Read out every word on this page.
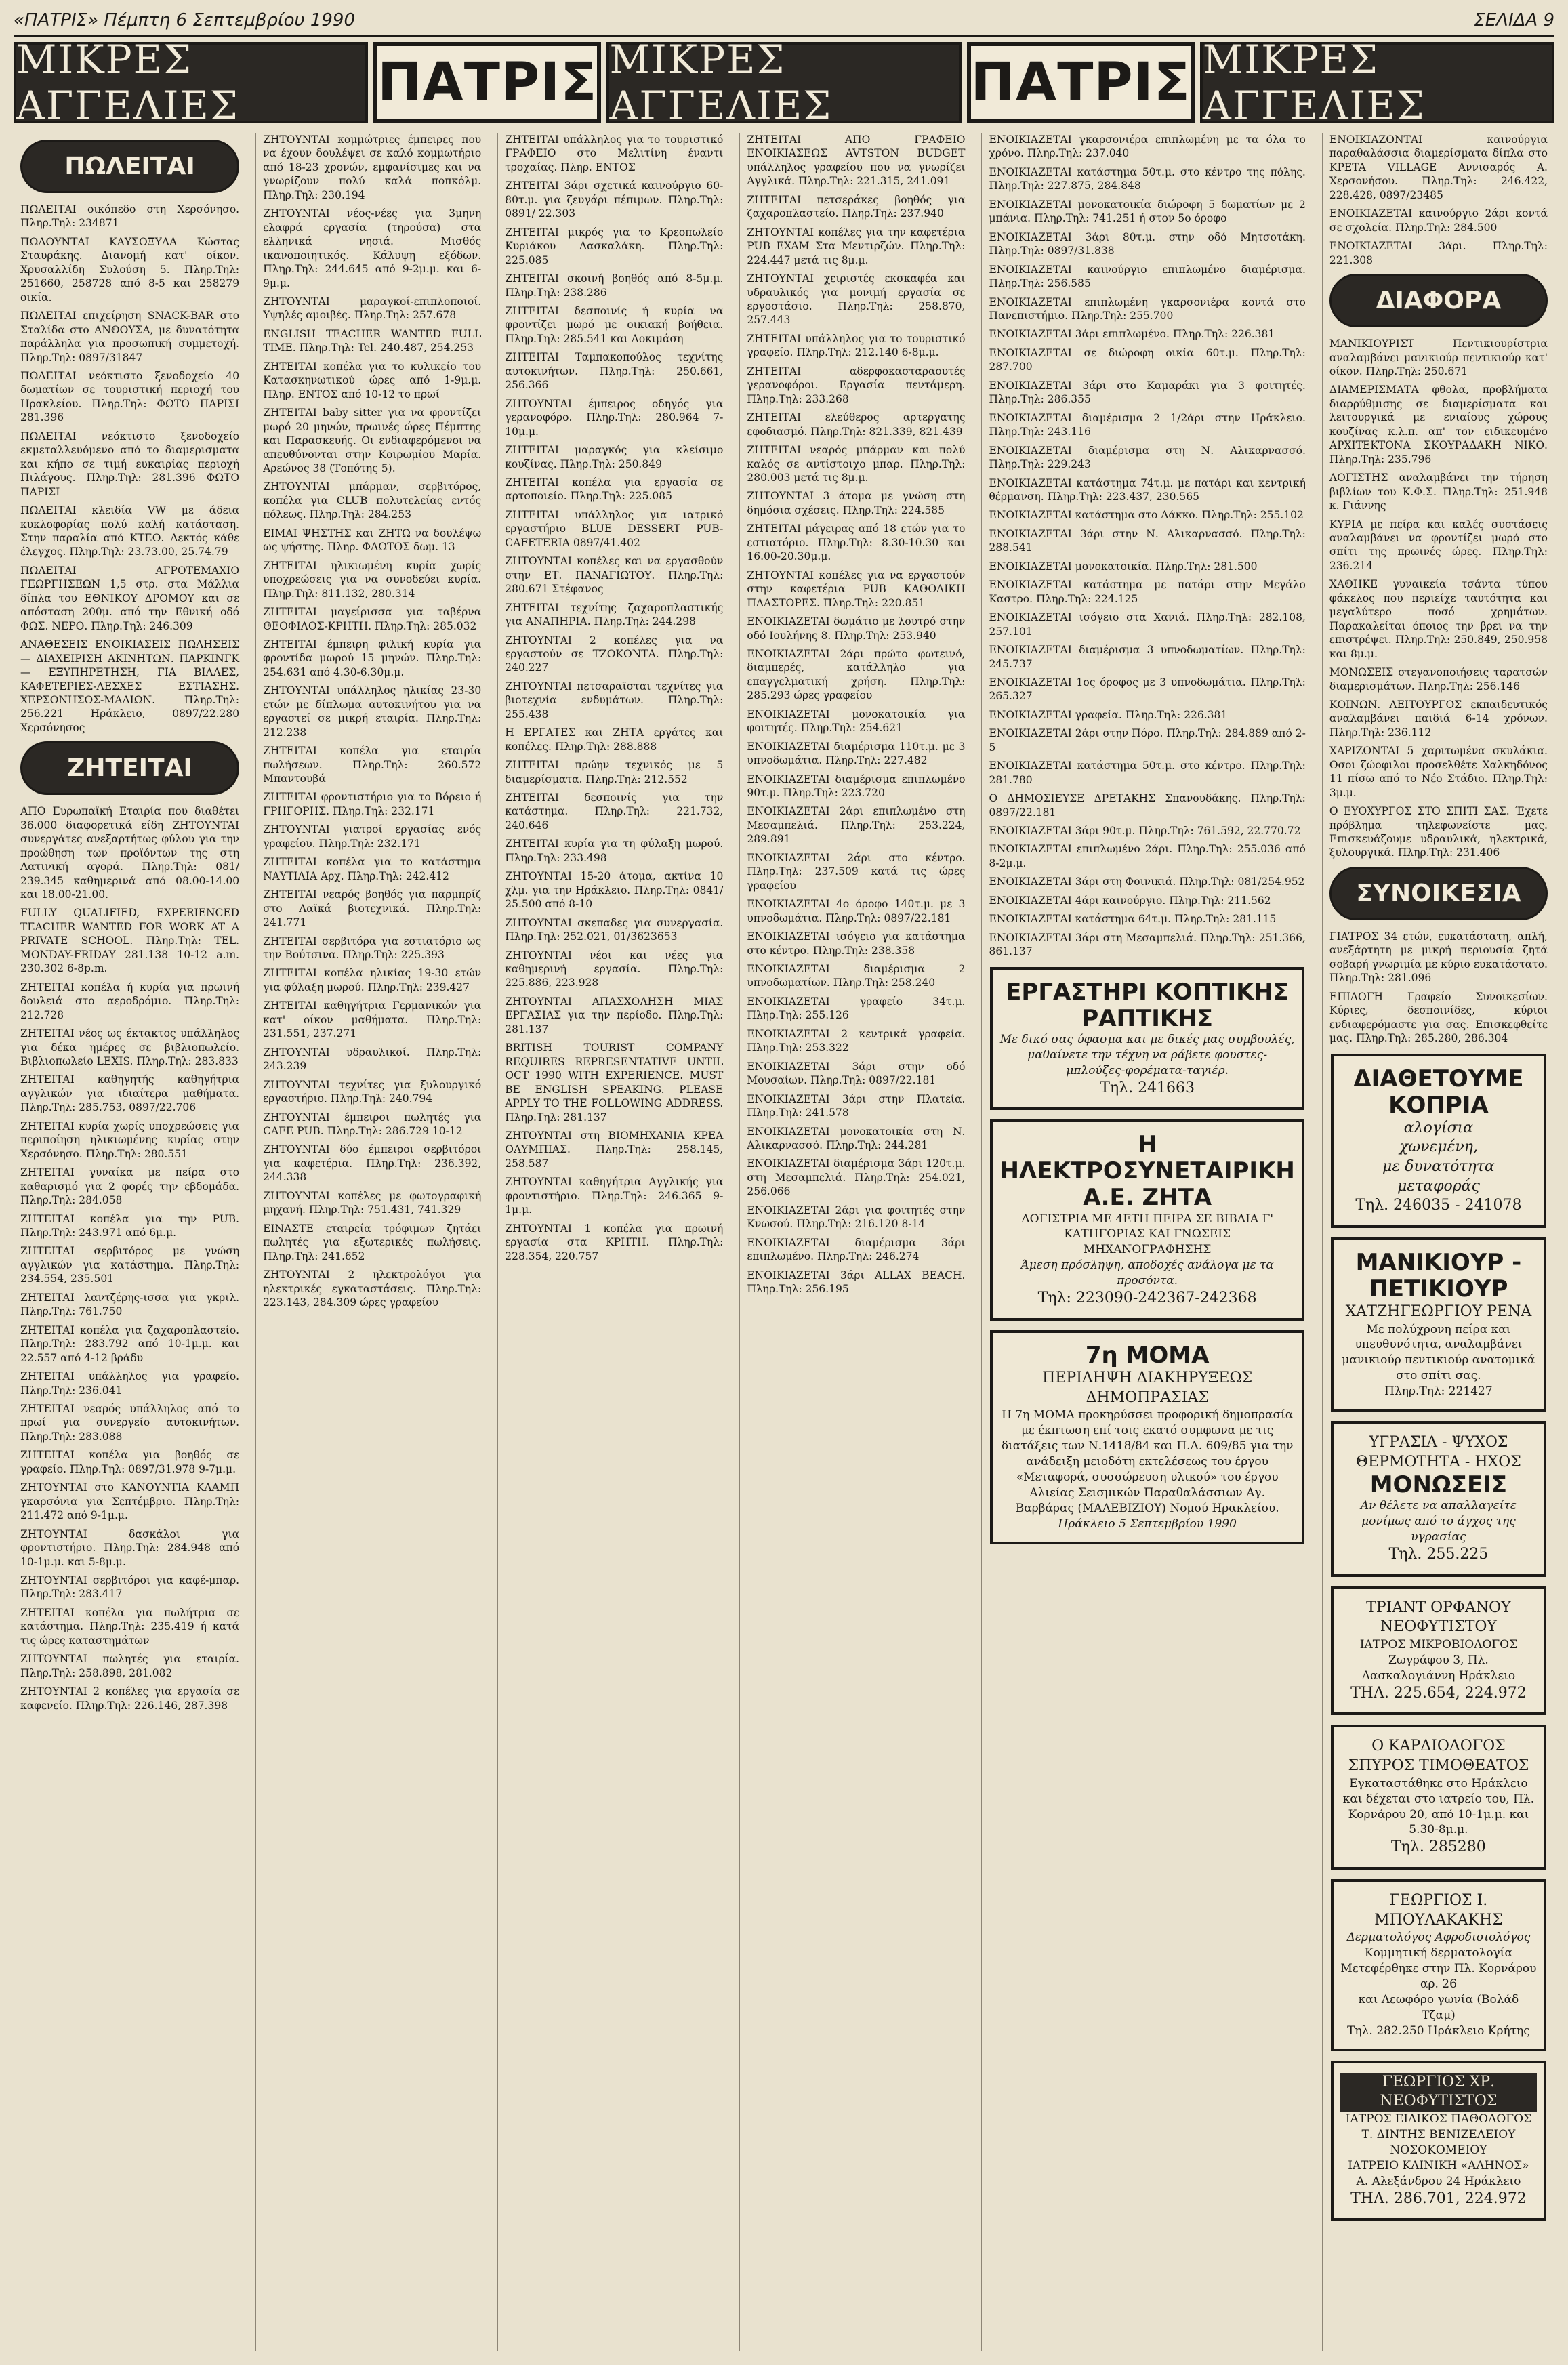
«ΠΑΤΡΙΣ» Πέμπτη 6 Σεπτεμβρίου 1990	ΣΕΛΙΔΑ 9
ΜΙΚΡΕΣ ΑΓΓΕΛΙΕΣ	ΠΑΤΡΙΣ ΜΙΚΡΕΣ ΑΓΓΕΛΙΕΣ	ΠΑΤΡΙΣ ΜΙΚΡΕΣ ΑΓΓΕΛΙΕΣ
ΠΩΛΕΙΤΑΙ

ΠΩΛΕΙΤΑΙ οικόπεδο στη Χερσόνησο. Πληρ.Τηλ: 234871

ΠΩΛΟΥΝΤΑΙ ΚΑΥΣΟΞΥΛΑ Κώστας Σταυράκης. Διανομή κατ' οίκον. Χρυσαλλίδη Συλούση 5. Πληρ.Τηλ: 251660, 258728 από 8-5 και 258279 οικία.

ΠΩΛΕΙΤΑΙ επιχείρηση SNACK-BAR στο Σταλίδα στο ΑΝΘΟΥΣΑ, με δυνατότητα παράλληλα για προσωπική συμμετοχή. Πληρ.Τηλ: 0897/31847

ΠΩΛΕΙΤΑΙ νεόκτιστο ξενοδοχείο 40 δωματίων σε τουριστική περιοχή του Ηρακλείου. Πληρ.Τηλ: ΦΩΤΟ ΠΑΡΙΣΙ 281.396

ΠΩΛΕΙΤΑΙ νεόκτιστο ξενοδοχείο εκμεταλλευόμενο από το διαμερισματα και κήπο σε τιμή ευκαιρίας περιοχή Πιλάγους. Πληρ.Τηλ: 281.396 ΦΩΤΟ ΠΑΡΙΣΙ

ΠΩΛΕΙΤΑΙ κλειδία VW με άδεια κυκλοφορίας πολύ καλή κατάσταση. Στην παραλία από ΚΤΕΟ. Δεκτός κάθε έλεγχος. Πληρ.Τηλ: 23.73.00, 25.74.79

ΠΩΛΕΙΤΑΙ ΑΓΡΟΤΕΜΑΧΙΟ ΓΕΩΡΓΗΣΕΩΝ 1,5 στρ. στα Μάλλια δίπλα του ΕΘΝΙΚΟΥ ΔΡΟΜΟΥ και σε απόσταση 200μ. από την Εθνική οδό ΦΩΣ. ΝΕΡΟ. Πληρ.Τηλ: 246.309

ΑΝΑΘΕΣΕΙΣ ΕΝΟΙΚΙΑΣΕΙΣ ΠΩΛΗΣΕΙΣ — ΔΙΑΧΕΙΡΙΣΗ ΑΚΙΝΗΤΩΝ. ΠΑΡΚΙΝΓΚ — ΕΞΥΠΗΡΕΤΗΣΗ, ΓΙΑ ΒΙΛΛΕΣ, ΚΑΦΕΤΕΡΙΕΣ-ΛΕΣΧΕΣ ΕΣΤΙΑΣΗΣ. ΧΕΡΣΟΝΗΣΟΣ-ΜΑΛΙΩΝ. Πληρ.Τηλ: 256.221 Ηράκλειο, 0897/22.280 Χερσόνησος

ΖΗΤΕΙΤΑΙ

ΑΠΟ Ευρωπαϊκή Εταιρία που διαθέτει 36.000 διαφορετικά είδη ΖΗΤΟΥΝΤΑΙ συνεργάτες ανεξαρτήτως φύλου για την προώθηση των προϊόντων της στη Λατινική αγορά. Πληρ.Τηλ: 081/ 239.345 καθημερινά από 08.00-14.00 και 18.00-21.00.

FULLY QUALIFIED, EXPERIENCED TEACHER WANTED FOR WORK AT A PRIVATE SCHOOL. Πληρ.Τηλ: TEL. MONDAY-FRIDAY 281.138 10-12 a.m. 230.302 6-8p.m.

ΖΗΤΕΙΤΑΙ κοπέλα ή κυρία για πρωινή δουλειά στο αεροδρόμιο. Πληρ.Τηλ: 212.728

ΖΗΤΕΙΤΑΙ νέος ως έκτακτος υπάλληλος για δέκα ημέρες σε βιβλιοπωλείο. Βιβλιοπωλείο LEXIS. Πληρ.Τηλ: 283.833

ΖΗΤΕΙΤΑΙ καθηγητής καθηγήτρια αγγλικών για ιδιαίτερα μαθήματα. Πληρ.Τηλ: 285.753, 0897/22.706

ΖΗΤΕΙΤΑΙ κυρία χωρίς υποχρεώσεις για περιποίηση ηλικιωμένης κυρίας στην Χερσόνησο. Πληρ.Τηλ: 280.551

ΖΗΤΕΙΤΑΙ γυναίκα με πείρα στο καθαρισμό για 2 φορές την εβδομάδα. Πληρ.Τηλ: 284.058

ΖΗΤΕΙΤΑΙ κοπέλα για την PUB. Πληρ.Τηλ: 243.971 από 6μ.μ.

ΖΗΤΕΙΤΑΙ σερβιτόρος με γνώση αγγλικών για κατάστημα. Πληρ.Τηλ: 234.554, 235.501

ΖΗΤΕΙΤΑΙ λαντζέρης-ισσα για γκριλ. Πληρ.Τηλ: 761.750

ΖΗΤΕΙΤΑΙ κοπέλα για ζαχαροπλαστείο. Πληρ.Τηλ: 283.792 από 10-1μ.μ. και 22.557 από 4-12 βράδυ

ΖΗΤΕΙΤΑΙ υπάλληλος για γραφείο. Πληρ.Τηλ: 236.041

ΖΗΤΕΙΤΑΙ νεαρός υπάλληλος από το πρωί για συνεργείο αυτοκινήτων. Πληρ.Τηλ: 283.088

ΖΗΤΕΙΤΑΙ κοπέλα για βοηθός σε γραφείο. Πληρ.Τηλ: 0897/31.978 9-7μ.μ.

ΖΗΤΟΥΝΤΑΙ στο ΚΑΝΟΥΝΤΙΑ ΚΛΑΜΠ γκαρσόνια για Σεπτέμβριο. Πληρ.Τηλ: 211.472 από 9-1μ.μ.

ΖΗΤΟΥΝΤΑΙ δασκάλοι για φροντιστήριο. Πληρ.Τηλ: 284.948 από 10-1μ.μ. και 5-8μ.μ.

ΖΗΤΟΥΝΤΑΙ σερβιτόροι για καφέ-μπαρ. Πληρ.Τηλ: 283.417

ΖΗΤΕΙΤΑΙ κοπέλα για πωλήτρια σε κατάστημα. Πληρ.Τηλ: 235.419 ή κατά τις ώρες καταστημάτων

ΖΗΤΟΥΝΤΑΙ πωλητές για εταιρία. Πληρ.Τηλ: 258.898, 281.082

ΖΗΤΟΥΝΤΑΙ 2 κοπέλες για εργασία σε καφενείο. Πληρ.Τηλ: 226.146, 287.398

ΖΗΤΟΥΝΤΑΙ κομμώτριες έμπειρες που να έχουν δουλέψει σε καλό κομμωτήριο από 18-23 χρονών, εμφανίσιμες και να γνωρίζουν πολύ καλά ποπκόλμ. Πληρ.Τηλ: 230.194

ΖΗΤΟΥΝΤΑΙ νέος-νέες για 3μηνη ελαφρά εργασία (τηρούσα) στα ελληνικά νησιά. Μισθός ικανοποιητικός. Κάλυψη εξόδων. Πληρ.Τηλ: 244.645 από 9-2μ.μ. και 6-9μ.μ.

ΖΗΤΟΥΝΤΑΙ μαραγκοί-επιπλοποιοί. Υψηλές αμοιβές. Πληρ.Τηλ: 257.678

ENGLISH TEACHER WANTED FULL TIME. Πληρ.Τηλ: Tel. 240.487, 254.253

ΖΗΤΕΙΤΑΙ κοπέλα για το κυλικείο του Κατασκηνωτικού ώρες από 1-9μ.μ. Πληρ. ΕΝΤΟΣ από 10-12 το πρωί

ΖΗΤΕΙΤΑΙ baby sitter για να φροντίζει μωρό 20 μηνών, πρωινές ώρες Πέμπτης και Παρασκευής. Οι ενδιαφερόμενοι να απευθύνονται στην Κοιρωμίου Μαρία. Αρεώνος 38 (Τοπότης 5).

ΖΗΤΟΥΝΤΑΙ μπάρμαν, σερβιτόρος, κοπέλα για CLUB πολυτελείας εντός πόλεως. Πληρ.Τηλ: 284.253

ΕΙΜΑΙ ΨΗΣΤΗΣ και ΖΗΤΩ να δουλέψω ως ψήστης. Πληρ. ΦΛΩΤΟΣ δωμ. 13

ΖΗΤΕΙΤΑΙ ηλικιωμένη κυρία χωρίς υποχρεώσεις για να συνοδεύει κυρία. Πληρ.Τηλ: 811.132, 280.314

ΖΗΤΕΙΤΑΙ μαγείρισσα για ταβέρνα ΘΕΟΦΙΛΟΣ-ΚΡΗΤΗ. Πληρ.Τηλ: 285.032

ΖΗΤΕΙΤΑΙ έμπειρη φιλική κυρία για φροντίδα μωρού 15 μηνών. Πληρ.Τηλ: 254.631 από 4.30-6.30μ.μ.

ΖΗΤΟΥΝΤΑΙ υπάλληλος ηλικίας 23-30 ετών με δίπλωμα αυτοκινήτου για να εργαστεί σε μικρή εταιρία. Πληρ.Τηλ: 212.238

ΖΗΤΕΙΤΑΙ κοπέλα για εταιρία πωλήσεων. Πληρ.Τηλ: 260.572 Μπαντουβά

ΖΗΤΕΙΤΑΙ φροντιστήριο για το Βόρειο ή ΓΡΗΓΟΡΗΣ. Πληρ.Τηλ: 232.171

ΖΗΤΟΥΝΤΑΙ γιατροί εργασίας ενός γραφείου. Πληρ.Τηλ: 232.171

ΖΗΤΕΙΤΑΙ κοπέλα για το κατάστημα ΝΑΥΤΙΛΙΑ Αρχ. Πληρ.Τηλ: 242.412

ΖΗΤΕΙΤΑΙ νεαρός βοηθός για παρμπρίζ στο Λαϊκά βιοτεχνικά. Πληρ.Τηλ: 241.771

ΖΗΤΕΙΤΑΙ σερβιτόρα για εστιατόριο ως την Βούτσινα. Πληρ.Τηλ: 225.393

ΖΗΤΕΙΤΑΙ κοπέλα ηλικίας 19-30 ετών για φύλαξη μωρού. Πληρ.Τηλ: 239.427

ΖΗΤΕΙΤΑΙ καθηγήτρια Γερμανικών για κατ' οίκον μαθήματα. Πληρ.Τηλ: 231.551, 237.271

ΖΗΤΟΥΝΤΑΙ υδραυλικοί. Πληρ.Τηλ: 243.239

ΖΗΤΟΥΝΤΑΙ τεχνίτες για ξυλουργικό εργαστήριο. Πληρ.Τηλ: 240.794

ΖΗΤΟΥΝΤΑΙ έμπειροι πωλητές για CAFE PUB. Πληρ.Τηλ: 286.729 10-12

ΖΗΤΟΥΝΤΑΙ δύο έμπειροι σερβιτόροι για καφετέρια. Πληρ.Τηλ: 236.392, 244.338

ΖΗΤΟΥΝΤΑΙ κοπέλες με φωτογραφική μηχανή. Πληρ.Τηλ: 751.431, 741.329

ΕΙΝΑΣΤΕ εταιρεία τρόφιμων ζητάει πωλητές για εξωτερικές πωλήσεις. Πληρ.Τηλ: 241.652

ΖΗΤΟΥΝΤΑΙ 2 ηλεκτρολόγοι για ηλεκτρικές εγκαταστάσεις. Πληρ.Τηλ: 223.143, 284.309 ώρες γραφείου

ΖΗΤΕΙΤΑΙ υπάλληλος για το τουριστικό ΓΡΑΦΕΙΟ στο Μελιτίνη έναντι τροχαίας. Πληρ. ΕΝΤΟΣ

ΖΗΤΕΙΤΑΙ 3άρι σχετικά καινούργιο 60-80τ.μ. για ζευγάρι πέπιμων. Πληρ.Τηλ: 0891/ 22.303

ΖΗΤΕΙΤΑΙ μικρός για το Κρεοπωλείο Κυριάκου Δασκαλάκη. Πληρ.Τηλ: 225.085

ΖΗΤΕΙΤΑΙ σκοινή βοηθός από 8-5μ.μ. Πληρ.Τηλ: 238.286

ΖΗΤΕΙΤΑΙ δεσποινίς ή κυρία να φροντίζει μωρό με οικιακή βοήθεια. Πληρ.Τηλ: 285.541 και Δοκιμάση

ΖΗΤΕΙΤΑΙ Ταμπακοπούλος τεχνίτης αυτοκινήτων. Πληρ.Τηλ: 250.661, 256.366

ΖΗΤΟΥΝΤΑΙ έμπειρος οδηγός για γερανοφόρο. Πληρ.Τηλ: 280.964 7-10μ.μ.

ΖΗΤΕΙΤΑΙ μαραγκός για κλείσιμο κουζίνας. Πληρ.Τηλ: 250.849

ΖΗΤΕΙΤΑΙ κοπέλα για εργασία σε αρτοποιείο. Πληρ.Τηλ: 225.085

ΖΗΤΕΙΤΑΙ υπάλληλος για ιατρικό εργαστήριο BLUE DESSERT PUB-CAFETERIA 0897/41.402

ΖΗΤΟΥΝΤΑΙ κοπέλες και να εργασθούν στην ΕΤ. ΠΑΝΑΓΙΩΤΟΥ. Πληρ.Τηλ: 280.671 Στέφανος

ΖΗΤΕΙΤΑΙ τεχνίτης ζαχαροπλαστικής για ΑΝΑΠΗΡΙΑ. Πληρ.Τηλ: 244.298

ΖΗΤΟΥΝΤΑΙ 2 κοπέλες για να εργαστούν σε ΤΖΟΚΟΝΤΑ. Πληρ.Τηλ: 240.227

ΖΗΤΟΥΝΤΑΙ πετσαραϊσται τεχνίτες για βιοτεχνία ενδυμάτων. Πληρ.Τηλ: 255.438

Η ΕΡΓΑΤΕΣ και ΖΗΤΑ εργάτες και κοπέλες. Πληρ.Τηλ: 288.888

ΖΗΤΕΙΤΑΙ πρώην τεχνικός με 5 διαμερίσματα. Πληρ.Τηλ: 212.552

ΖΗΤΕΙΤΑΙ δεσποινίς για την κατάστημα. Πληρ.Τηλ: 221.732, 240.646

ΖΗΤΕΙΤΑΙ κυρία για τη φύλαξη μωρού. Πληρ.Τηλ: 233.498

ΖΗΤΟΥΝΤΑΙ 15-20 άτομα, ακτίνα 10 χλμ. για την Ηράκλειο. Πληρ.Τηλ: 0841/ 25.500 από 8-10

ΖΗΤΟΥΝΤΑΙ σκεπαδες για συνεργασία. Πληρ.Τηλ: 252.021, 01/3623653

ΖΗΤΟΥΝΤΑΙ νέοι και νέες για καθημερινή εργασία. Πληρ.Τηλ: 225.886, 223.928

ΖΗΤΟΥΝΤΑΙ ΑΠΑΣΧΟΛΗΣΗ ΜΙΑΣ ΕΡΓΑΣΙΑΣ για την περίοδο. Πληρ.Τηλ: 281.137

BRITISH TOURIST COMPANY REQUIRES REPRESENTATIVE UNTIL OCT 1990 WITH EXPERIENCE. MUST BE ENGLISH SPEAKING. PLEASE APPLY TO THE FOLLOWING ADDRESS. Πληρ.Τηλ: 281.137

ΖΗΤΟΥΝΤΑΙ στη ΒΙΟΜΗΧΑΝΙΑ ΚΡΕΑ ΟΛΥΜΠΙΑΣ. Πληρ.Τηλ: 258.145, 258.587

ΖΗΤΟΥΝΤΑΙ καθηγήτρια Αγγλικής για φροντιστήριο. Πληρ.Τηλ: 246.365 9-1μ.μ.

ΖΗΤΟΥΝΤΑΙ 1 κοπέλα για πρωινή εργασία στα ΚΡΗΤΗ. Πληρ.Τηλ: 228.354, 220.757

ΖΗΤΕΙΤΑΙ ΑΠΟ ΓΡΑΦΕΙΟ ΕΝΟΙΚΙΑΣΕΩΣ AVTSTON BUDGET υπάλληλος γραφείου που να γνωρίζει Αγγλικά. Πληρ.Τηλ: 221.315, 241.091

ΖΗΤΕΙΤΑΙ πετσεράκες βοηθός για ζαχαροπλαστείο. Πληρ.Τηλ: 237.940

ΖΗΤΟΥΝΤΑΙ κοπέλες για την καφετέρια PUB EXAM Στα Μεντιρζών. Πληρ.Τηλ: 224.447 μετά τις 8μ.μ.

ΖΗΤΟΥΝΤΑΙ χειριστές εκσκαφέα και υδραυλικός για μονιμή εργασία σε εργοστάσιο. Πληρ.Τηλ: 258.870, 257.443

ΖΗΤΕΙΤΑΙ υπάλληλος για το τουριστικό γραφείο. Πληρ.Τηλ: 212.140 6-8μ.μ.

ΖΗΤΕΙΤΑΙ αδερφοκασταραουτές γερανοφόροι. Εργασία πεντάμερη. Πληρ.Τηλ: 233.268

ΖΗΤΕΙΤΑΙ ελεύθερος αρτεργατης εφοδιασμό. Πληρ.Τηλ: 821.339, 821.439

ΖΗΤΕΙΤΑΙ νεαρός μπάρμαν και πολύ καλός σε αντίστοιχο μπαρ. Πληρ.Τηλ: 280.003 μετά τις 8μ.μ.

ΖΗΤΟΥΝΤΑΙ 3 άτομα με γνώση στη δημόσια σχέσεις. Πληρ.Τηλ: 224.585

ΖΗΤΕΙΤΑΙ μάγειρας από 18 ετών για το εστιατόριο. Πληρ.Τηλ: 8.30-10.30 και 16.00-20.30μ.μ.

ΖΗΤΟΥΝΤΑΙ κοπέλες για να εργαστούν στην καφετέρια PUB ΚΑΘΟΛΙΚΗ ΠΛΑΣΤΟΡΕΣ. Πληρ.Τηλ: 220.851

ΕΝΟΙΚΙΑΖΕΤΑΙ δωμάτιο με λουτρό στην οδό Ιουλήνης 8. Πληρ.Τηλ: 253.940

ΕΝΟΙΚΙΑΖΕΤΑΙ 2άρι πρώτο φωτεινό, διαμπερές, κατάλληλο για επαγγελματική χρήση. Πληρ.Τηλ: 285.293 ώρες γραφείου

ΕΝΟΙΚΙΑΖΕΤΑΙ μονοκατοικία για φοιτητές. Πληρ.Τηλ: 254.621

ΕΝΟΙΚΙΑΖΕΤΑΙ διαμέρισμα 110τ.μ. με 3 υπνοδωμάτια. Πληρ.Τηλ: 227.482

ΕΝΟΙΚΙΑΖΕΤΑΙ διαμέρισμα επιπλωμένο 90τ.μ. Πληρ.Τηλ: 223.720

ΕΝΟΙΚΙΑΖΕΤΑΙ 2άρι επιπλωμένο στη Μεσαμπελιά. Πληρ.Τηλ: 253.224, 289.891

ΕΝΟΙΚΙΑΖΕΤΑΙ 2άρι στο κέντρο. Πληρ.Τηλ: 237.509 κατά τις ώρες γραφείου

ΕΝΟΙΚΙΑΖΕΤΑΙ 4ο όροφο 140τ.μ. με 3 υπνοδωμάτια. Πληρ.Τηλ: 0897/22.181

ΕΝΟΙΚΙΑΖΕΤΑΙ ισόγειο για κατάστημα στο κέντρο. Πληρ.Τηλ: 238.358

ΕΝΟΙΚΙΑΖΕΤΑΙ διαμέρισμα 2 υπνοδωματίων. Πληρ.Τηλ: 258.240

ΕΝΟΙΚΙΑΖΕΤΑΙ γραφείο 34τ.μ. Πληρ.Τηλ: 255.126

ΕΝΟΙΚΙΑΖΕΤΑΙ 2 κεντρικά γραφεία. Πληρ.Τηλ: 253.322

ΕΝΟΙΚΙΑΖΕΤΑΙ 3άρι στην οδό Μουσαίων. Πληρ.Τηλ: 0897/22.181

ΕΝΟΙΚΙΑΖΕΤΑΙ 3άρι στην Πλατεία. Πληρ.Τηλ: 241.578

ΕΝΟΙΚΙΑΖΕΤΑΙ μονοκατοικία στη Ν. Αλικαρνασσό. Πληρ.Τηλ: 244.281

ΕΝΟΙΚΙΑΖΕΤΑΙ διαμέρισμα 3άρι 120τ.μ. στη Μεσαμπελιά. Πληρ.Τηλ: 254.021, 256.066

ΕΝΟΙΚΙΑΖΕΤΑΙ 2άρι για φοιτητές στην Κνωσού. Πληρ.Τηλ: 216.120 8-14

ΕΝΟΙΚΙΑΖΕΤΑΙ διαμέρισμα 3άρι επιπλωμένο. Πληρ.Τηλ: 246.274

ΕΝΟΙΚΙΑΖΕΤΑΙ 3άρι ALLAX BEACH. Πληρ.Τηλ: 256.195

ΕΝΟΙΚΙΑΖΕΤΑΙ γκαρσονιέρα επιπλωμένη με τα όλα το χρόνο. Πληρ.Τηλ: 237.040

ΕΝΟΙΚΙΑΖΕΤΑΙ κατάστημα 50τ.μ. στο κέντρο της πόλης. Πληρ.Τηλ: 227.875, 284.848

ΕΝΟΙΚΙΑΖΕΤΑΙ μονοκατοικία διώροφη 5 δωματίων με 2 μπάνια. Πληρ.Τηλ: 741.251 ή στον 5ο όροφο

ΕΝΟΙΚΙΑΖΕΤΑΙ 3άρι 80τ.μ. στην οδό Μητσοτάκη. Πληρ.Τηλ: 0897/31.838

ΕΝΟΙΚΙΑΖΕΤΑΙ καινούργιο επιπλωμένο διαμέρισμα. Πληρ.Τηλ: 256.585

ΕΝΟΙΚΙΑΖΕΤΑΙ επιπλωμένη γκαρσονιέρα κοντά στο Πανεπιστήμιο. Πληρ.Τηλ: 255.700

ΕΝΟΙΚΙΑΖΕΤΑΙ 3άρι επιπλωμένο. Πληρ.Τηλ: 226.381

ΕΝΟΙΚΙΑΖΕΤΑΙ σε διώροφη οικία 60τ.μ. Πληρ.Τηλ: 287.700

ΕΝΟΙΚΙΑΖΕΤΑΙ 3άρι στο Καμαράκι για 3 φοιτητές. Πληρ.Τηλ: 286.355

ΕΝΟΙΚΙΑΖΕΤΑΙ διαμέρισμα 2 1/2άρι στην Ηράκλειο. Πληρ.Τηλ: 243.116

ΕΝΟΙΚΙΑΖΕΤΑΙ διαμέρισμα στη Ν. Αλικαρνασσό. Πληρ.Τηλ: 229.243

ΕΝΟΙΚΙΑΖΕΤΑΙ κατάστημα 74τ.μ. με πατάρι και κεντρική θέρμανση. Πληρ.Τηλ: 223.437, 230.565

ΕΝΟΙΚΙΑΖΕΤΑΙ κατάστημα στο Λάκκο. Πληρ.Τηλ: 255.102

ΕΝΟΙΚΙΑΖΕΤΑΙ 3άρι στην Ν. Αλικαρνασσό. Πληρ.Τηλ: 288.541

ΕΝΟΙΚΙΑΖΕΤΑΙ μονοκατοικία. Πληρ.Τηλ: 281.500

ΕΝΟΙΚΙΑΖΕΤΑΙ κατάστημα με πατάρι στην Μεγάλο Καστρο. Πληρ.Τηλ: 224.125

ΕΝΟΙΚΙΑΖΕΤΑΙ ισόγειο στα Χανιά. Πληρ.Τηλ: 282.108, 257.101

ΕΝΟΙΚΙΑΖΕΤΑΙ διαμέρισμα 3 υπνοδωματίων. Πληρ.Τηλ: 245.737

ΕΝΟΙΚΙΑΖΕΤΑΙ 1ος όροφος με 3 υπνοδωμάτια. Πληρ.Τηλ: 265.327

ΕΝΟΙΚΙΑΖΕΤΑΙ γραφεία. Πληρ.Τηλ: 226.381

ΕΝΟΙΚΙΑΖΕΤΑΙ 2άρι στην Πόρο. Πληρ.Τηλ: 284.889 από 2-5

ΕΝΟΙΚΙΑΖΕΤΑΙ κατάστημα 50τ.μ. στο κέντρο. Πληρ.Τηλ: 281.780

Ο ΔΗΜΟΣΙΕΥΣΕ ΔΡΕΤΑΚΗΣ Σπανουδάκης. Πληρ.Τηλ: 0897/22.181

ΕΝΟΙΚΙΑΖΕΤΑΙ 3άρι 90τ.μ. Πληρ.Τηλ: 761.592, 22.770.72

ΕΝΟΙΚΙΑΖΕΤΑΙ επιπλωμένο 2άρι. Πληρ.Τηλ: 255.036 από 8-2μ.μ.

ΕΝΟΙΚΙΑΖΕΤΑΙ 3άρι στη Φοινικιά. Πληρ.Τηλ: 081/254.952

ΕΝΟΙΚΙΑΖΕΤΑΙ 4άρι καινούργιο. Πληρ.Τηλ: 211.562

ΕΝΟΙΚΙΑΖΕΤΑΙ κατάστημα 64τ.μ. Πληρ.Τηλ: 281.115

ΕΝΟΙΚΙΑΖΕΤΑΙ 3άρι στη Μεσαμπελιά. Πληρ.Τηλ: 251.366, 861.137

ΕΡΓΑΣΤΗΡΙ ΚΟΠΤΙΚΗΣ ΡΑΠΤΙΚΗΣ
Με δικό σας ύφασμα και με δικές μας συμβουλές, μαθαίνετε την τέχνη να ράβετε φουστες-μπλούζες-φορέματα-ταγιέρ.
Τηλ. 241663
Η ΗΛΕΚΤΡΟΣΥΝΕΤΑΙΡΙΚΗ Α.Ε. ΖΗΤΑ
ΛΟΓΙΣΤΡΙΑ ΜΕ 4ΕΤΗ ΠΕΙΡΑ ΣΕ ΒΙΒΛΙΑ Γ' ΚΑΤΗΓΟΡΙΑΣ ΚΑΙ ΓΝΩΣΕΙΣ ΜΗΧΑΝΟΓΡΑΦΗΣΗΣ
Άμεση πρόσληψη, αποδοχές ανάλογα με τα προσόντα.
Τηλ: 223090-242367-242368
7η ΜΟΜΑ
ΠΕΡΙΛΗΨΗ ΔΙΑΚΗΡΥΞΕΩΣ ΔΗΜΟΠΡΑΣΙΑΣ
Η 7η ΜΟΜΑ προκηρύσσει προφορική δημοπρασία με έκπτωση επί τοις εκατό συμφωνα με τις διατάξεις των Ν.1418/84 και Π.Δ. 609/85 για την ανάδειξη μειοδότη εκτελέσεως του έργου «Μεταφορά, συσσώρευση υλικού» του έργου Αλιείας Σεισμικών Παραθαλάσσιων Αγ. Βαρβάρας (ΜΑΛΕΒΙΖΙΟΥ) Νομού Ηρακλείου.
Ηράκλειο 5 Σεπτεμβρίου 1990

ΕΝΟΙΚΙΑΖΟΝΤΑΙ καινούργια παραθαλάσσια διαμερίσματα δίπλα στο KPETA VILLAGE Αννισαρός Α. Χερσονήσου. Πληρ.Τηλ: 246.422, 228.428, 0897/23485

ΕΝΟΙΚΙΑΖΕΤΑΙ καινούργιο 2άρι κοντά σε σχολεία. Πληρ.Τηλ: 284.500

ΕΝΟΙΚΙΑΖΕΤΑΙ 3άρι. Πληρ.Τηλ: 221.308

ΔΙΑΦΟΡΑ

ΜΑΝΙΚΙΟΥΡΙΣΤ Πεντικιουρίστρια αναλαμβάνει μανικιούρ πεντικιούρ κατ' οίκον. Πληρ.Τηλ: 250.671

ΔΙΑΜΕΡΙΣΜΑΤΑ φθολα, προβλήματα διαρρύθμισης σε διαμερίσματα και λειτουργικά με ενιαίους χώρους κουζίνας κ.λ.π. απ' τον ειδικευμένο ΑΡΧΙΤΕΚΤΟΝΑ ΣΚΟΥΡΑΔΑΚΗ ΝΙΚΟ. Πληρ.Τηλ: 235.796

ΛΟΓΙΣΤΗΣ αναλαμβάνει την τήρηση βιβλίων του Κ.Φ.Σ. Πληρ.Τηλ: 251.948 κ. Γιάννης

ΚΥΡΙΑ με πείρα και καλές συστάσεις αναλαμβάνει να φροντίζει μωρό στο σπίτι της πρωινές ώρες. Πληρ.Τηλ: 236.214

ΧΑΘΗΚΕ γυναικεία τσάντα τύπου φάκελος που περιείχε ταυτότητα και μεγαλύτερο ποσό χρημάτων. Παρακαλείται όποιος την βρει να την επιστρέψει. Πληρ.Τηλ: 250.849, 250.958 και 8μ.μ.

ΜΟΝΩΣΕΙΣ στεγανοποιήσεις ταρατσών διαμερισμάτων. Πληρ.Τηλ: 256.146

ΚΟΙΝΩΝ. ΛΕΙΤΟΥΡΓΟΣ εκπαιδευτικός αναλαμβάνει παιδιά 6-14 χρόνων. Πληρ.Τηλ: 236.112

ΧΑΡΙΖΟΝΤΑΙ 5 χαριτωμένα σκυλάκια. Οσοι ζώοφιλοι προσελθέτε Χαλκηδόνος 11 πίσω από το Νέο Στάδιο. Πληρ.Τηλ: 3μ.μ.

Ο ΕΥΟΧΥΡΓΟΣ ΣΤΟ ΣΠΙΤΙ ΣΑΣ. Έχετε πρόβλημα τηλεφωνείστε μας. Επισκευάζουμε υδραυλικά, ηλεκτρικά, ξυλουργικά. Πληρ.Τηλ: 231.406

ΣΥΝΟΙΚΕΣΙΑ

ΓΙΑΤΡΟΣ 34 ετών, ευκατάστατη, απλή, ανεξάρτητη με μικρή περιουσία ζητά σοβαρή γνωριμία με κύριο ευκατάστατο. Πληρ.Τηλ: 281.096

ΕΠΙΛΟΓΗ Γραφείο Συνοικεσίων. Κύριες, δεσποινίδες, κύριοι ενδιαφερόμαστε για σας. Επισκεφθείτε μας. Πληρ.Τηλ: 285.280, 286.304

ΔΙΑΘΕΤΟΥΜΕ ΚΟΠΡΙΑ
αλογίσια
χωνεμένη,
με δυνατότητα
μεταφοράς
Τηλ. 246035 - 241078
ΜΑΝΙΚΙΟΥΡ - ΠΕΤΙΚΙΟΥΡ
ΧΑΤΖΗΓΕΩΡΓΙΟΥ ΡΕΝΑ
Με πολύχρονη πείρα και υπευθυνότητα, αναλαμβάνει μανικιούρ πεντικιούρ ανατομικά στο σπίτι σας.
Πληρ.Τηλ: 221427
ΥΓΡΑΣΙΑ - ΨΥΧΟΣ ΘΕΡΜΟΤΗΤΑ - ΗΧΟΣ
ΜΟΝΩΣΕΙΣ
Αν θέλετε να απαλλαγείτε μονίμως από το άγχος της υγρασίας
Τηλ. 255.225
ΤΡΙΑΝΤ ΟΡΦΑΝΟΥ ΝΕΟΦΥΤΙΣΤΟΥ
ΙΑΤΡΟΣ ΜΙΚΡΟΒΙΟΛΟΓΟΣ
Ζωγράφου 3, Πλ. Δασκαλογιάννη Ηράκλειο
ΤΗΛ. 225.654, 224.972
Ο ΚΑΡΔΙΟΛΟΓΟΣ ΣΠΥΡΟΣ ΤΙΜΟΘΕΑΤΟΣ
Εγκαταστάθηκε στο Ηράκλειο και δέχεται στο ιατρείο του, Πλ. Κορνάρου 20, από 10-1μ.μ. και 5.30-8μ.μ.
Τηλ. 285280
ΓΕΩΡΓΙΟΣ Ι. ΜΠΟΥΛΑΚΑΚΗΣ
Δερματολόγος Αφροδισιολόγος
Κομμητική δερματολογία
Μετεφέρθηκε στην Πλ. Κορνάρου αρ. 26
και Λεωφόρο γωνία (Βολάδ Τζαμ)
Τηλ. 282.250 Ηράκλειο Κρήτης
ΓΕΩΡΓΙΟΣ ΧΡ. ΝΕΟΦΥΤΙΣΤΟΣ
ΙΑΤΡΟΣ ΕΙΔΙΚΟΣ ΠΑΘΟΛΟΓΟΣ
Τ. ΔΙΝΤΗΣ ΒΕΝΙΖΕΛΕΙΟΥ ΝΟΣΟΚΟΜΕΙΟΥ
ΙΑΤΡΕΙΟ ΚΛΙΝΙΚΗ «ΑΛΗΝΟΣ»
Α. Αλεξάνδρου 24 Ηράκλειο
ΤΗΛ. 286.701, 224.972
